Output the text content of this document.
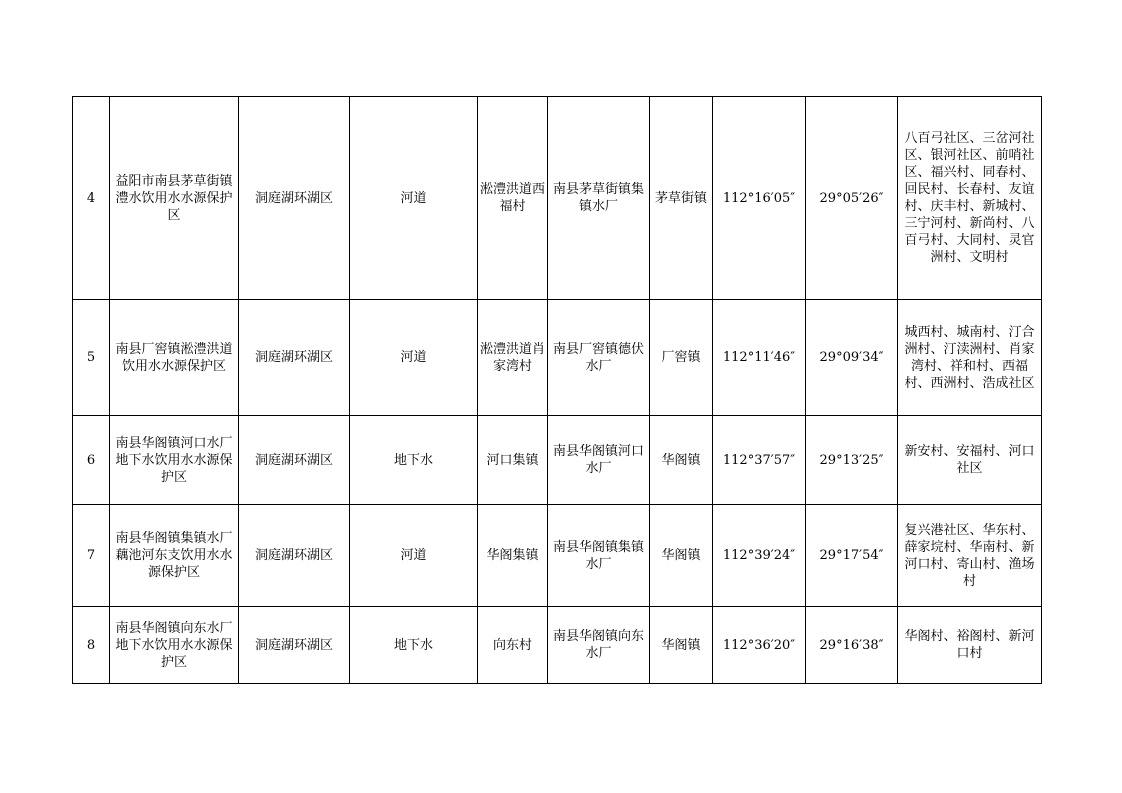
4	益阳市南县茅草街镇澧水饮用水水源保护区	洞庭湖环湖区	河道	淞澧洪道西福村	南县茅草街镇集镇水厂	茅草街镇	112°16′05″	29°05′26″	八百弓社区、三岔河社区、银河社区、前哨社区、福兴村、同春村、回民村、长春村、友谊村、庆丰村、新城村、三宁河村、新尚村、八百弓村、大同村、灵官洲村、文明村
5	南县厂窖镇淞澧洪道饮用水水源保护区	洞庭湖环湖区	河道	淞澧洪道肖家湾村	南县厂窖镇德伏水厂	厂窖镇	112°11′46″	29°09′34″	城西村、城南村、汀合洲村、汀渎洲村、肖家湾村、祥和村、西福村、西洲村、浩成社区
6	南县华阁镇河口水厂地下水饮用水水源保护区	洞庭湖环湖区	地下水	河口集镇	南县华阁镇河口水厂	华阁镇	112°37′57″	29°13′25″	新安村、安福村、河口社区
7	南县华阁镇集镇水厂藕池河东支饮用水水源保护区	洞庭湖环湖区	河道	华阁集镇	南县华阁镇集镇水厂	华阁镇	112°39′24″	29°17′54″	复兴港社区、华东村、薛家垸村、华南村、新河口村、寄山村、渔场村
8	南县华阁镇向东水厂地下水饮用水水源保护区	洞庭湖环湖区	地下水	向东村	南县华阁镇向东水厂	华阁镇	112°36′20″	29°16′38″	华阁村、裕阁村、新河口村
